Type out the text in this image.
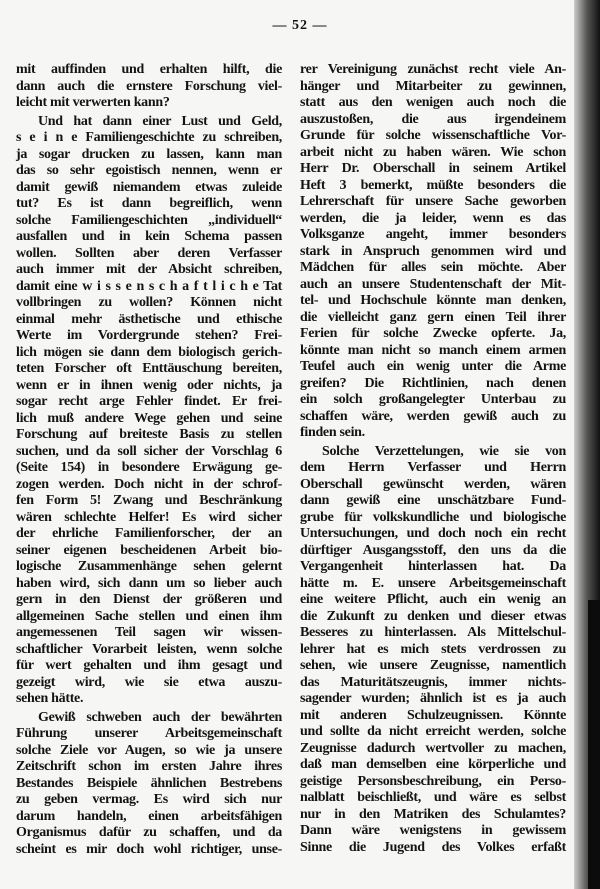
— 52 —
mit auffinden und erhalten hilft, die
dann auch die ernstere Forschung viel-
leicht mit verwerten kann?
Und hat dann einer Lust und Geld,
s e i n e Familiengeschichte zu schreiben,
ja sogar drucken zu lassen, kann man
das so sehr egoistisch nennen, wenn er
damit gewiß niemandem etwas zuleide
tut? Es ist dann begreiflich, wenn
solche Familiengeschichten „individuell“
ausfallen und in kein Schema passen
wollen. Sollten aber deren Verfasser
auch immer mit der Absicht schreiben,
damit eine w i s s e n s c h a f t l i c h e Tat
vollbringen zu wollen? Können nicht
einmal mehr ästhetische und ethische
Werte im Vordergrunde stehen? Frei-
lich mögen sie dann dem biologisch gerich-
teten Forscher oft Enttäuschung bereiten,
wenn er in ihnen wenig oder nichts, ja
sogar recht arge Fehler findet. Er frei-
lich muß andere Wege gehen und seine
Forschung auf breiteste Basis zu stellen
suchen, und da soll sicher der Vorschlag 6
(Seite 154) in besondere Erwägung ge-
zogen werden. Doch nicht in der schrof-
fen Form 5! Zwang und Beschränkung
wären schlechte Helfer! Es wird sicher
der ehrliche Familienforscher, der an
seiner eigenen bescheidenen Arbeit bio-
logische Zusammenhänge sehen gelernt
haben wird, sich dann um so lieber auch
gern in den Dienst der größeren und
allgemeinen Sache stellen und einen ihm
angemessenen Teil sagen wir wissen-
schaftlicher Vorarbeit leisten, wenn solche
für wert gehalten und ihm gesagt und
gezeigt wird, wie sie etwa auszu-
sehen hätte.
Gewiß schweben auch der bewährten
Führung unserer Arbeitsgemeinschaft
solche Ziele vor Augen, so wie ja unsere
Zeitschrift schon im ersten Jahre ihres
Bestandes Beispiele ähnlichen Bestrebens
zu geben vermag. Es wird sich nur
darum handeln, einen arbeitsfähigen
Organismus dafür zu schaffen, und da
scheint es mir doch wohl richtiger, unse-
rer Vereinigung zunächst recht viele An-
hänger und Mitarbeiter zu gewinnen,
statt aus den wenigen auch noch die
auszustoßen, die aus irgendeinem
Grunde für solche wissenschaftliche Vor-
arbeit nicht zu haben wären. Wie schon
Herr Dr. Oberschall in seinem Artikel
Heft 3 bemerkt, müßte besonders die
Lehrerschaft für unsere Sache geworben
werden, die ja leider, wenn es das
Volksganze angeht, immer besonders
stark in Anspruch genommen wird und
Mädchen für alles sein möchte. Aber
auch an unsere Studentenschaft der Mit-
tel- und Hochschule könnte man denken,
die vielleicht ganz gern einen Teil ihrer
Ferien für solche Zwecke opferte. Ja,
könnte man nicht so manch einem armen
Teufel auch ein wenig unter die Arme
greifen? Die Richtlinien, nach denen
ein solch großangelegter Unterbau zu
schaffen wäre, werden gewiß auch zu
finden sein.
Solche Verzettelungen, wie sie von
dem Herrn Verfasser und Herrn
Oberschall gewünscht werden, wären
dann gewiß eine unschätzbare Fund-
grube für volkskundliche und biologische
Untersuchungen, und doch noch ein recht
dürftiger Ausgangsstoff, den uns da die
Vergangenheit hinterlassen hat. Da
hätte m. E. unsere Arbeitsgemeinschaft
eine weitere Pflicht, auch ein wenig an
die Zukunft zu denken und dieser etwas
Besseres zu hinterlassen. Als Mittelschul-
lehrer hat es mich stets verdrossen zu
sehen, wie unsere Zeugnisse, namentlich
das Maturitätszeugnis, immer nichts-
sagender wurden; ähnlich ist es ja auch
mit anderen Schulzeugnissen. Könnte
und sollte da nicht erreicht werden, solche
Zeugnisse dadurch wertvoller zu machen,
daß man demselben eine körperliche und
geistige Personsbeschreibung, ein Perso-
nalblatt beischließt, und wäre es selbst
nur in den Matriken des Schulamtes?
Dann wäre wenigstens in gewissem
Sinne die Jugend des Volkes erfaßt
